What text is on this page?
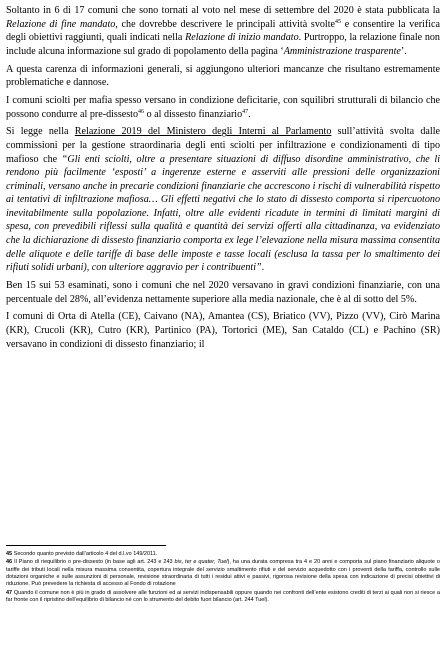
Soltanto in 6 di 17 comuni che sono tornati al voto nel mese di settembre del 2020 è stata pubblicata la Relazione di fine mandato, che dovrebbe descrivere le principali attività svolte$^{45}$ e consentire la verifica degli obiettivi raggiunti, quali indicati nella Relazione di inizio mandato. Purtroppo, la relazione finale non include alcuna informazione sul grado di popolamento della pagina ‘Amministrazione trasparente’.

A questa carenza di informazioni generali, si aggiungono ulteriori mancanze che risultano estremamente problematiche e dannose.

I comuni sciolti per mafia spesso versano in condizione deficitarie, con squilibri strutturali di bilancio che possono condurre al pre-dissesto$^{46}$ o al dissesto finanziario$^{47}$.

Si legge nella Relazione 2019 del Ministero degli Interni al Parlamento sull’attività svolta dalle commissioni per la gestione straordinaria degli enti sciolti per infiltrazione e condizionamenti di tipo mafioso che “Gli enti sciolti, oltre a presentare situazioni di diffuso disordine amministrativo, che li rendono più facilmente ‘esposti’ a ingerenze esterne e asserviti alle pressioni delle organizzazioni criminali, versano anche in precarie condizioni finanziarie che accrescono i rischi di vulnerabilità rispetto ai tentativi di infiltrazione mafiosa… Gli effetti negativi che lo stato di dissesto comporta si ripercuotono inevitabilmente sulla popolazione. Infatti, oltre alle evidenti ricadute in termini di limitati margini di spesa, con prevedibili riflessi sulla qualità e quantità dei servizi offerti alla cittadinanza, va evidenziato che la dichiarazione di dissesto finanziario comporta ex lege l’elevazione nella misura massima consentita delle aliquote e delle tariffe di base delle imposte e tasse locali (esclusa la tassa per lo smaltimento dei rifiuti solidi urbani), con ulteriore aggravio per i contribuenti”.

Ben 15 sui 53 esaminati, sono i comuni che nel 2020 versavano in gravi condizioni finanziarie, con una percentuale del 28%, all’evidenza nettamente superiore alla media nazionale, che è al di sotto del 5%.

I comuni di Orta di Atella (CE), Caivano (NA), Amantea (CS), Briatico (VV), Pizzo (VV), Cirò Marina (KR), Crucoli (KR), Cutro (KR), Partinico (PA), Tortorici (ME), San Cataldo (CL) e Pachino (SR) versavano in condizioni di dissesto finanziario; il

45 Secondo quanto previsto dall’articolo 4 del d.l.vo 149/2011.

46 Il Piano di riequilibrio o pre-dissesto (in base agli art. 243 e 243 bis, ter e quater, Tuel), ha una durata compresa tra 4 e 20 anni e comporta sul piano finanziario aliquote o tariffe dei tributi locali nella misura massima consentita, copertura integrale del servizio smaltimento rifiuti e del servizio acquedotto con i proventi della tariffa, controllo sulle dotazioni organiche e sulle assunzioni di personale, revisione straordinaria di tutti i residui attivi e passivi, rigorosa revisione della spesa con indicazione di precisi obiettivi di riduzione. Può prevedere la richiesta di accesso al Fondo di rotazione

47 Quando il comune non è più in grado di assolvere alle funzioni ed ai servizi indispensabili oppure quando nei confronti dell’ente esistono crediti di terzi ai quali non si riesce a far fronte con il ripristino dell’equilibrio di bilancio né con lo strumento del debito fuori bilancio (art. 244 Tuel).
